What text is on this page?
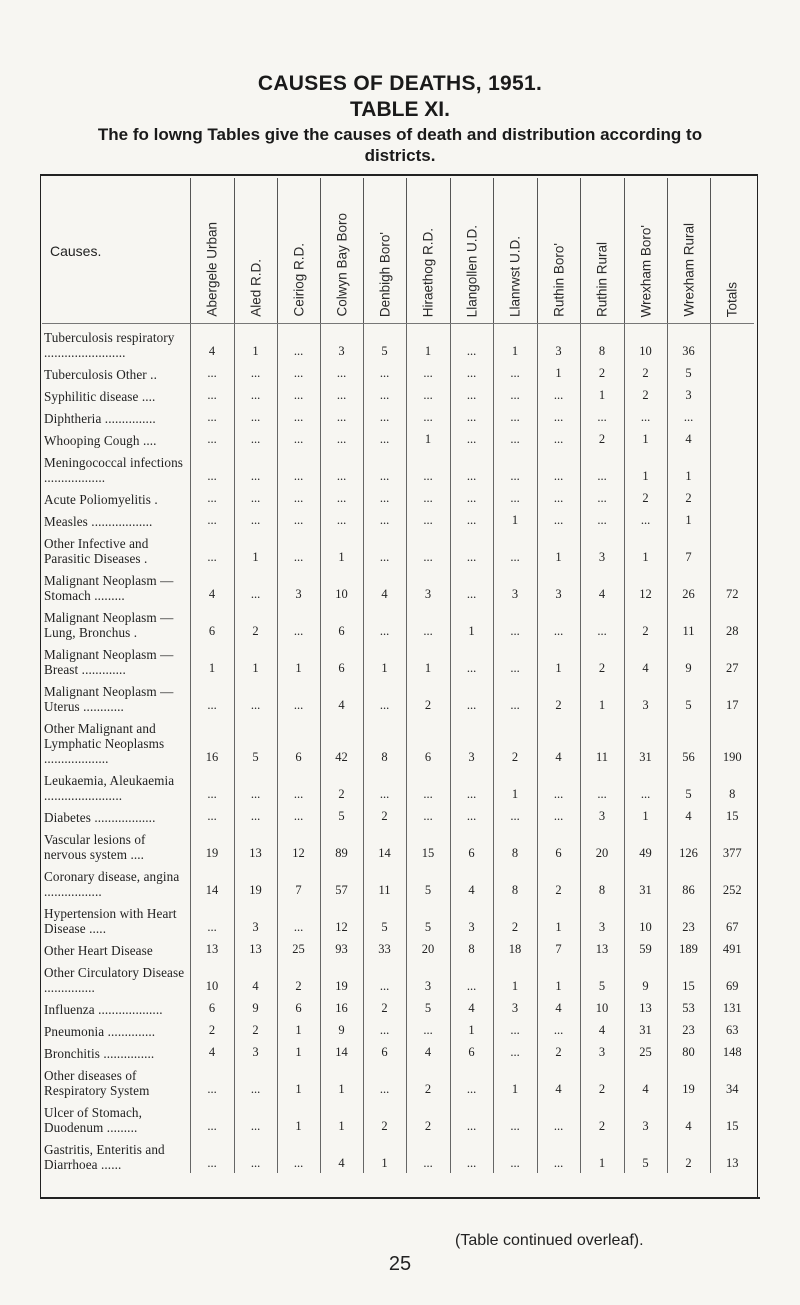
CAUSES OF DEATHS, 1951.
TABLE XI.
The fo lowng Tables give the causes of death and distribution according to districts.
Causes.	Abergele Urban	Aled R.D.	Ceiriog R.D.	Colwyn Bay Boro	Denbigh Boro'	Hiraethog R.D.	Llangollen U.D.	Llanrwst U.D.	Ruthin Boro'	Ruthin Rural	Wrexham Boro'	Wrexham Rural	Totals

Tuberculosis respiratory ........................	4	1	...	3	5	1	...	1	3	8	10	36	
Tuberculosis Other ..	...	...	...	...	...	...	...	...	1	2	2	5	
Syphilitic disease ....	...	...	...	...	...	...	...	...	...	1	2	3	
Diphtheria ...............	...	...	...	...	...	...	...	...	...	...	...	...	
Whooping Cough ....	...	...	...	...	...	1	...	...	...	2	1	4	
Meningococcal infections ..................	...	...	...	...	...	...	...	...	...	...	1	1	
Acute Poliomyelitis .	...	...	...	...	...	...	...	...	...	...	2	2	
Measles ..................	...	...	...	...	...	...	...	1	...	...	...	1	
Other Infective and Parasitic Diseases .	...	1	...	1	...	...	...	...	1	3	1	7	
Malignant Neoplasm —Stomach .........	4	...	3	10	4	3	...	3	3	4	12	26	72
Malignant Neoplasm —Lung, Bronchus .	6	2	...	6	...	...	1	...	...	...	2	11	28
Malignant Neoplasm —Breast .............	1	1	1	6	1	1	...	...	1	2	4	9	27
Malignant Neoplasm —Uterus ............	...	...	...	4	...	2	...	...	2	1	3	5	17
Other Malignant and Lymphatic Neoplasms ...................	16	5	6	42	8	6	3	2	4	11	31	56	190
Leukaemia, Aleukaemia .......................	...	...	...	2	...	...	...	1	...	...	...	5	8
Diabetes ..................	...	...	...	5	2	...	...	...	...	3	1	4	15
Vascular lesions of nervous system ....	19	13	12	89	14	15	6	8	6	20	49	126	377
Coronary disease, angina .................	14	19	7	57	11	5	4	8	2	8	31	86	252
Hypertension with Heart Disease .....	...	3	...	12	5	5	3	2	1	3	10	23	67
Other Heart Disease	13	13	25	93	33	20	8	18	7	13	59	189	491
Other Circulatory Disease ...............	10	4	2	19	...	3	...	1	1	5	9	15	69
Influenza ...................	6	9	6	16	2	5	4	3	4	10	13	53	131
Pneumonia ..............	2	2	1	9	...	...	1	...	...	4	31	23	63
Bronchitis ...............	4	3	1	14	6	4	6	...	2	3	25	80	148
Other diseases of Respiratory System	...	...	1	1	...	2	...	1	4	2	4	19	34
Ulcer of Stomach, Duodenum .........	...	...	1	1	2	2	...	...	...	2	3	4	15
Gastritis, Enteritis and Diarrhoea ......	...	...	...	4	1	...	...	...	...	1	5	2	13
(Table continued overleaf).
25
